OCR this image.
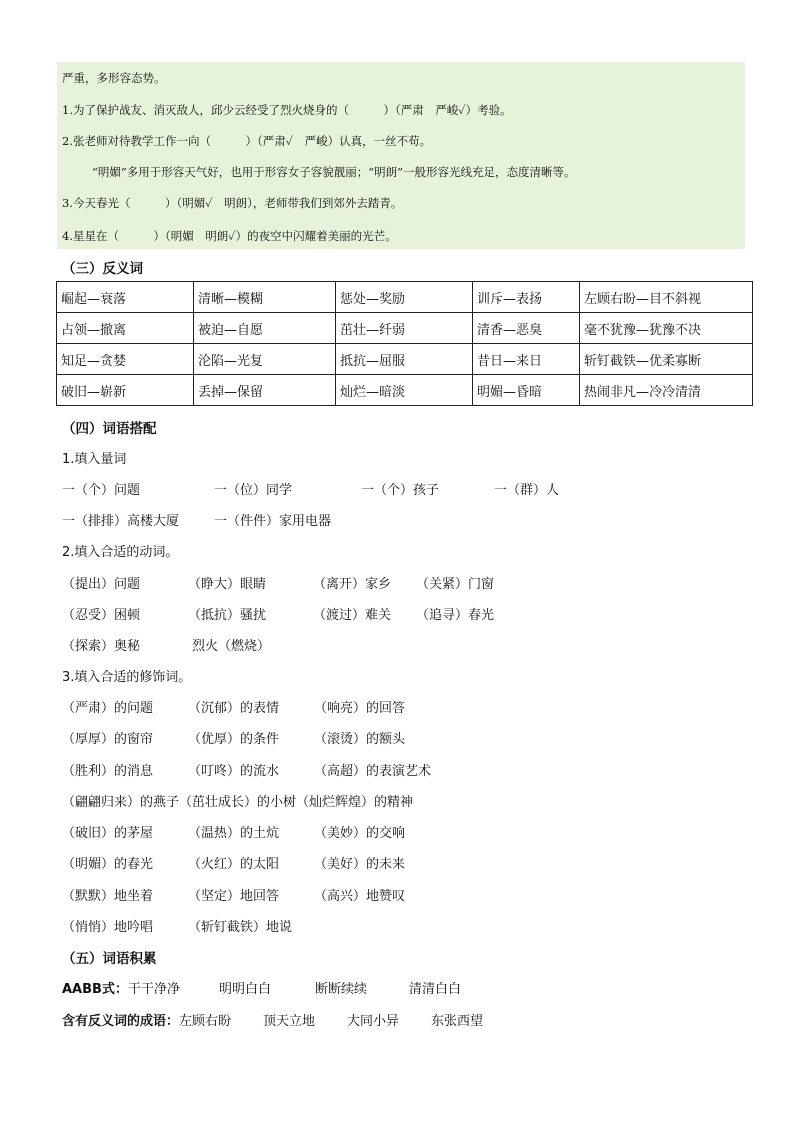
严重，多形容态势。
1.为了保护战友、消灭敌人，邱少云经受了烈火烧身的（　　　）（严肃　严峻✓）考验。
2.张老师对待教学工作一向（　　　）（严肃✓　严峻）认真，一丝不苟。
“明媚”多用于形容天气好，也用于形容女子容貌靓丽；“明朗”一般形容光线充足，态度清晰等。
3.今天春光（　　　）（明媚✓　明朗），老师带我们到郊外去踏青。
4.星星在（　　　）（明媚　明朗✓）的夜空中闪耀着美丽的光芒。
（三）反义词
崛起—衰落	清晰—模糊	惩处—奖励	训斥—表扬	左顾右盼—目不斜视
占领—撤离	被迫—自愿	茁壮—纤弱	清香—恶臭	毫不犹豫—犹豫不决
知足—贪婪	沦陷—光复	抵抗—屈服	昔日—来日	斩钉截铁—优柔寡断
破旧—崭新	丢掉—保留	灿烂—暗淡	明媚—昏暗	热闹非凡—冷冷清清
（四）词语搭配
1.填入量词
一（个）问题	一（位）同学	一（个）孩子	一（群）人
一（排排）高楼大厦	一（件件）家用电器
2.填入合适的动词。
（提出）问题	（睁大）眼睛	（离开）家乡 （关紧）门窗
（忍受）困顿	（抵抗）骚扰	（渡过）难关 （追寻）春光
（探索）奥秘	烈火（燃烧）
3.填入合适的修饰词。
（严肃）的问题	（沉郁）的表情	（响亮）的回答
（厚厚）的窗帘	（优厚）的条件	（滚烫）的额头
（胜利）的消息	（叮咚）的流水	（高超）的表演艺术
（翩翩归来）的燕子（茁壮成长）的小树（灿烂辉煌）的精神
（破旧）的茅屋	（温热）的土炕	（美妙）的交响
（明媚）的春光	（火红）的太阳	（美好）的未来
（默默）地坐着	（坚定）地回答	（高兴）地赞叹
（悄悄）地吟唱	（斩钉截铁）地说
（五）词语积累
AABB式：干干净净	明明白白	断断续续	清清白白
含有反义词的成语：左顾右盼 顶天立地 大同小异 东张西望
